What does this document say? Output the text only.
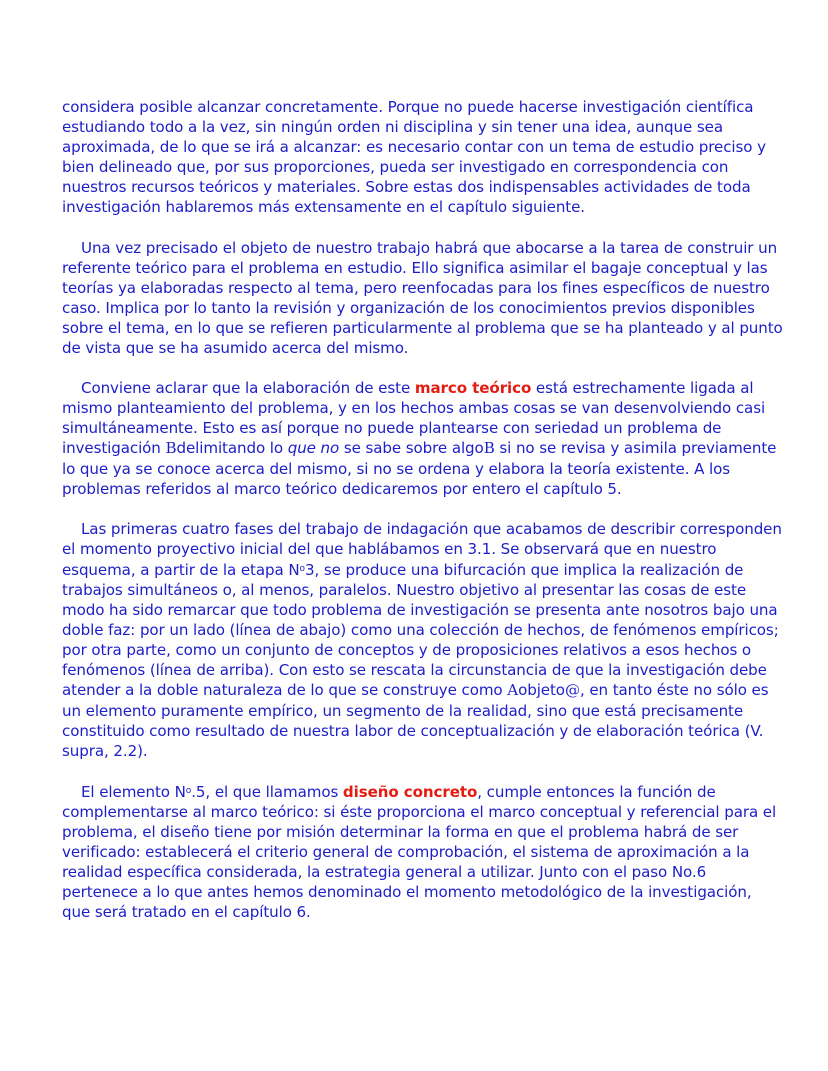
considera posible alcanzar concretamente. Porque no puede hacerse investigación científica estudiando todo a la vez, sin ningún orden ni disciplina y sin tener una idea, aunque sea aproximada, de lo que se irá a alcanzar: es necesario contar con un tema de estudio preciso y bien delineado que, por sus proporciones, pueda ser investigado en correspondencia con nuestros recursos teóricos y materiales. Sobre estas dos indispensables actividades de toda investigación hablaremos más extensamente en el capítulo siguiente.

Una vez precisado el objeto de nuestro trabajo habrá que abocarse a la tarea de construir un referente teórico para el problema en estudio. Ello significa asimilar el bagaje conceptual y las teorías ya elaboradas respecto al tema, pero reenfocadas para los fines específicos de nuestro caso. Implica por lo tanto la revisión y organización de los conocimientos previos disponibles sobre el tema, en lo que se refieren particularmente al problema que se ha planteado y al punto de vista que se ha asumido acerca del mismo.

Conviene aclarar que la elaboración de este marco teórico está estrechamente ligada al mismo planteamiento del problema, y en los hechos ambas cosas se van desenvolviendo casi simultáneamente. Esto es así porque no puede plantearse con seriedad un problema de investigación Bdelimitando lo que no se sabe sobre algoB si no se revisa y asimila previamente lo que ya se conoce acerca del mismo, si no se ordena y elabora la teoría existente. A los problemas referidos al marco teórico dedicaremos por entero el capítulo 5.

Las primeras cuatro fases del trabajo de indagación que acabamos de describir corresponden el momento proyectivo inicial del que hablábamos en 3.1. Se observará que en nuestro esquema, a partir de la etapa $N^o3$, se produce una bifurcación que implica la realización de trabajos simultáneos o, al menos, paralelos. Nuestro objetivo al presentar las cosas de este modo ha sido remarcar que todo problema de investigación se presenta ante nosotros bajo una doble faz: por un lado (línea de abajo) como una colección de hechos, de fenómenos empíricos; por otra parte, como un conjunto de conceptos y de proposiciones relativos a esos hechos o fenómenos (línea de arriba). Con esto se rescata la circunstancia de que la investigación debe atender a la doble naturaleza de lo que se construye como Aobjeto@, en tanto éste no sólo es un elemento puramente empírico, un segmento de la realidad, sino que está precisamente constituido como resultado de nuestra labor de conceptualización y de elaboración teórica (V. supra, 2.2).

El elemento $N^o.5$, el que llamamos diseño concreto, cumple entonces la función de complementarse al marco teórico: si éste proporciona el marco conceptual y referencial para el problema, el diseño tiene por misión determinar la forma en que el problema habrá de ser verificado: establecerá el criterio general de comprobación, el sistema de aproximación a la realidad específica considerada, la estrategia general a utilizar. Junto con el paso No.6 pertenece a lo que antes hemos denominado el momento metodológico de la investigación, que será tratado en el capítulo 6.
